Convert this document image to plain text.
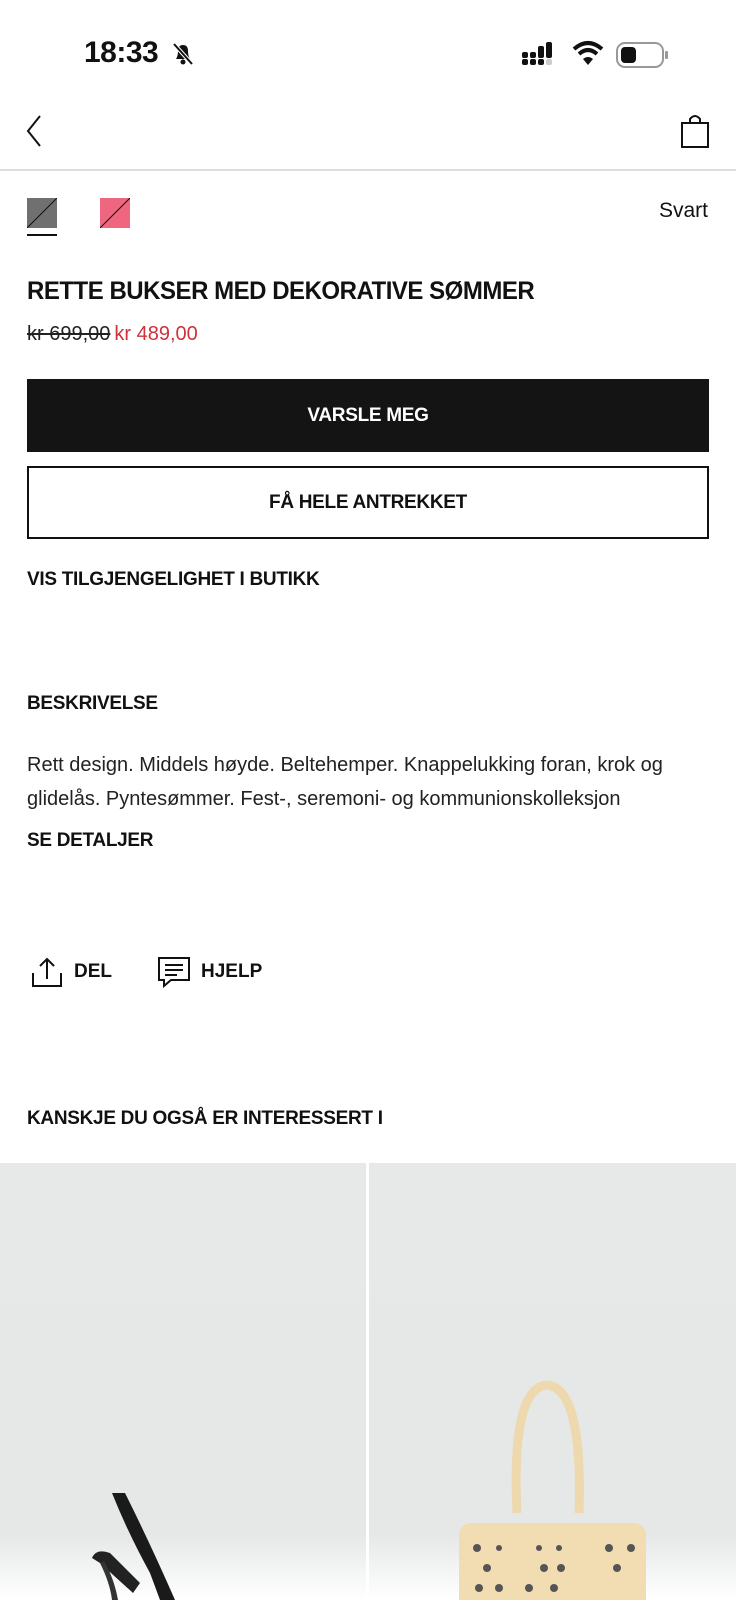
18:33
Svart
RETTE BUKSER MED DEKORATIVE SØMMER
kr 699,00 kr 489,00
VARSLE MEG
FÅ HELE ANTREKKET
VIS TILGJENGELIGHET I BUTIKK
BESKRIVELSE
Rett design. Middels høyde. Beltehemper. Knappelukking foran, krok og glidelås. Pyntesømmer. Fest-, seremoni- og kommunionskolleksjon
SE DETALJER
DEL	HJELP
KANSKJE DU OGSÅ ER INTERESSERT I
